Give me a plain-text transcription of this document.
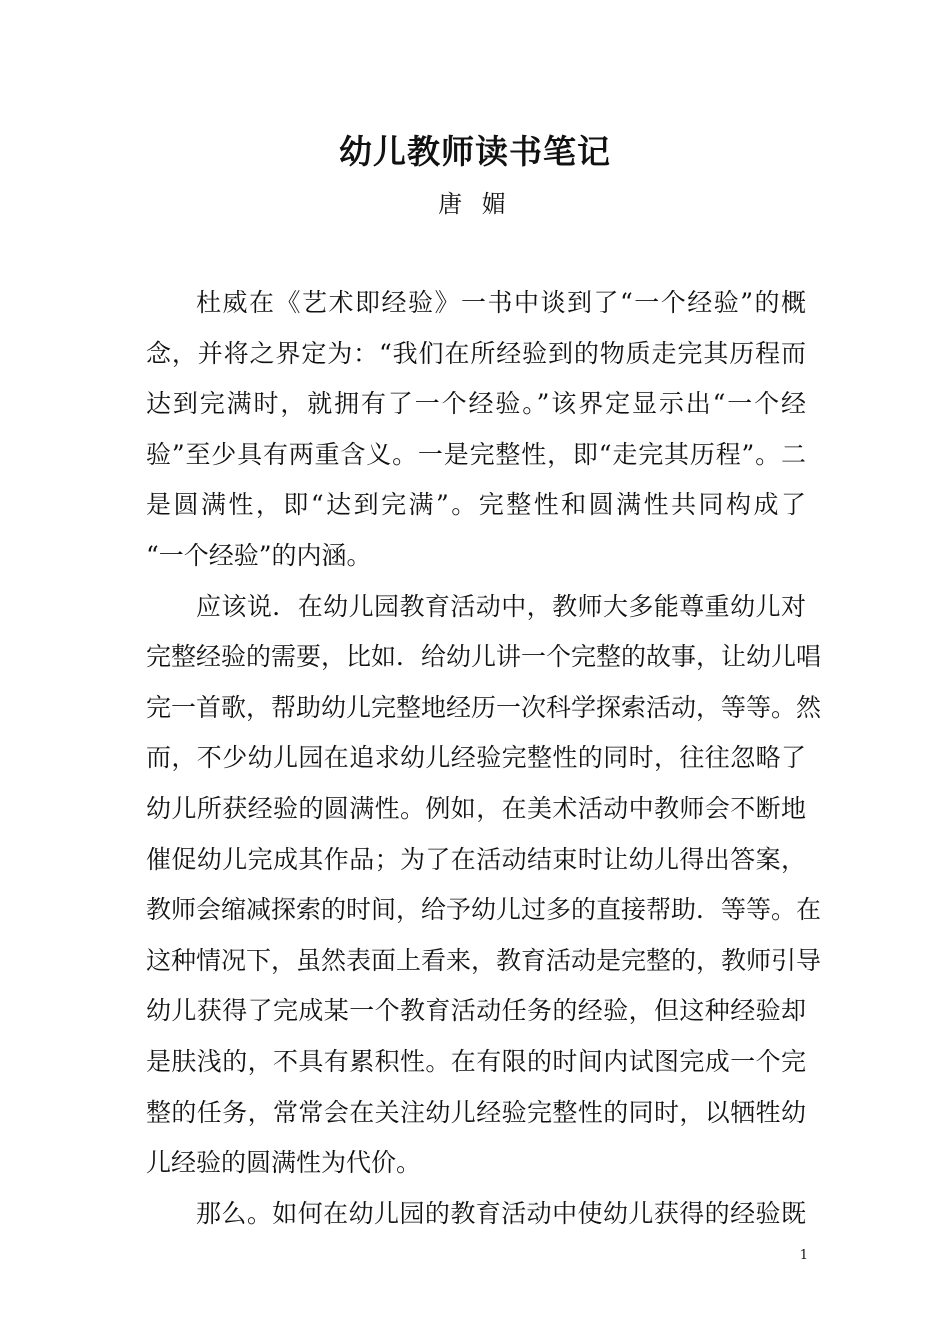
幼儿教师读书笔记
唐 媚
杜威在《艺术即经验》一书中谈到了“一个经验”的概
念，并将之界定为：“我们在所经验到的物质走完其历程而
达到完满时，就拥有了一个经验。”该界定显示出“一个经
验”至少具有两重含义。一是完整性，即“走完其历程”。二
是圆满性，即“达到完满”。完整性和圆满性共同构成了
“一个经验”的内涵。
应该说．在幼儿园教育活动中，教师大多能尊重幼儿对
完整经验的需要，比如．给幼儿讲一个完整的故事，让幼儿唱
完一首歌，帮助幼儿完整地经历一次科学探索活动，等等。然
而，不少幼儿园在追求幼儿经验完整性的同时，往往忽略了
幼儿所获经验的圆满性。例如，在美术活动中教师会不断地
催促幼儿完成其作品；为了在活动结束时让幼儿得出答案，
教师会缩减探索的时间，给予幼儿过多的直接帮助．等等。在
这种情况下，虽然表面上看来，教育活动是完整的，教师引导
幼儿获得了完成某一个教育活动任务的经验，但这种经验却
是肤浅的，不具有累积性。在有限的时间内试图完成一个完
整的任务，常常会在关注幼儿经验完整性的同时，以牺牲幼
儿经验的圆满性为代价。
那么。如何在幼儿园的教育活动中使幼儿获得的经验既
1
